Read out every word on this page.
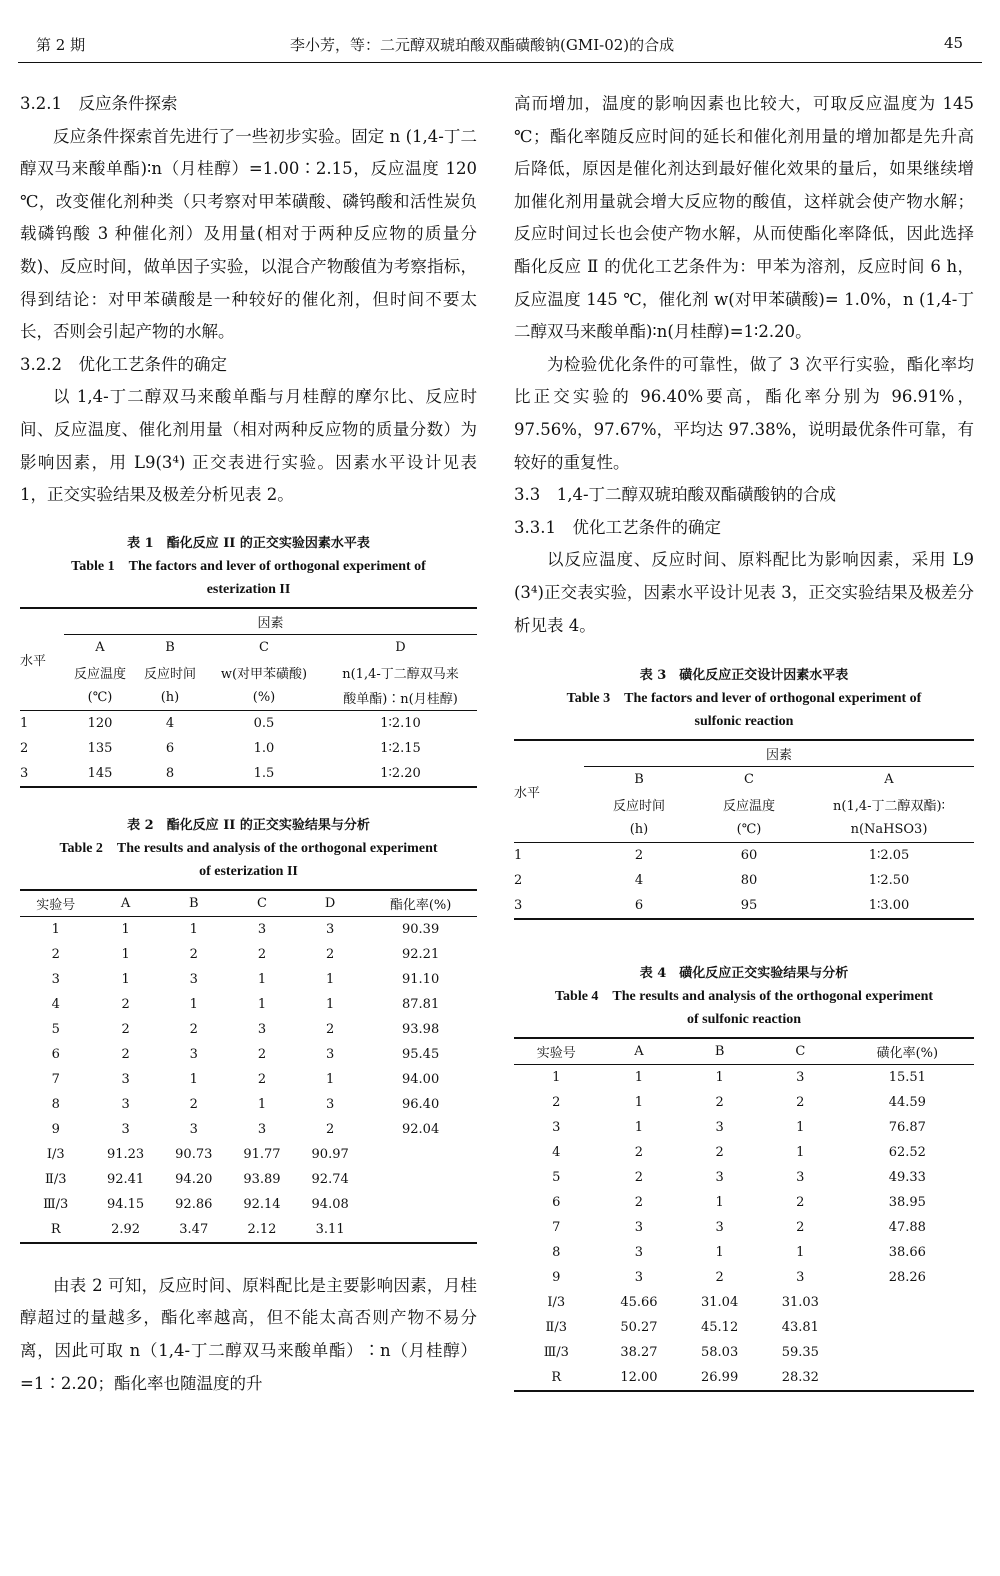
第 2 期	李小芳，等：二元醇双琥珀酸双酯磺酸钠(GMI-02)的合成	45
3.2.1　反应条件探索

反应条件探索首先进行了一些初步实验。固定 n (1,4-丁二醇双马来酸单酯)∶n（月桂醇）=1.00∶2.15，反应温度 120 ℃，改变催化剂种类（只考察对甲苯磺酸、磷钨酸和活性炭负载磷钨酸 3 种催化剂）及用量(相对于两种反应物的质量分数)、反应时间，做单因子实验，以混合产物酸值为考察指标，得到结论：对甲苯磺酸是一种较好的催化剂，但时间不要太长，否则会引起产物的水解。

3.2.2　优化工艺条件的确定

以 1,4-丁二醇双马来酸单酯与月桂醇的摩尔比、反应时间、反应温度、催化剂用量（相对两种反应物的质量分数）为影响因素，用 L9(3⁴) 正交表进行实验。因素水平设计见表 1，正交实验结果及极差分析见表 2。

表 1　酯化反应 II 的正交实验因素水平表

Table 1　The factors and lever of orthogonal experiment of

esterization II

水平	因素			
	A	B	C	D
	反应温度	反应时间	w(对甲苯磺酸)	n(1,4-丁二醇双马来
	(℃)	(h)	(%)	酸单酯)∶n(月桂醇)
1	120	4	0.5	1∶2.10
2	135	6	1.0	1∶2.15
3	145	8	1.5	1∶2.20

表 2　酯化反应 II 的正交实验结果与分析

Table 2　The results and analysis of the orthogonal experiment

of esterization II

实验号	A	B	C	D	酯化率(%)
1	1	1	3	3	90.39
2	1	2	2	2	92.21
3	1	3	1	1	91.10
4	2	1	1	1	87.81
5	2	2	3	2	93.98
6	2	3	2	3	95.45
7	3	1	2	1	94.00
8	3	2	1	3	96.40
9	3	3	3	2	92.04
Ⅰ/3	91.23	90.73	91.77	90.97	
Ⅱ/3	92.41	94.20	93.89	92.74	
Ⅲ/3	94.15	92.86	92.14	94.08	
R	2.92	3.47	2.12	3.11	

由表 2 可知，反应时间、原料配比是主要影响因素，月桂醇超过的量越多，酯化率越高，但不能太高否则产物不易分离，因此可取 n（1,4-丁二醇双马来酸单酯）∶n（月桂醇）=1∶2.20；酯化率也随温度的升

高而增加，温度的影响因素也比较大，可取反应温度为 145 ℃；酯化率随反应时间的延长和催化剂用量的增加都是先升高后降低，原因是催化剂达到最好催化效果的量后，如果继续增加催化剂用量就会增大反应物的酸值，这样就会使产物水解；反应时间过长也会使产物水解，从而使酯化率降低，因此选择酯化反应 Ⅱ 的优化工艺条件为：甲苯为溶剂，反应时间 6 h，反应温度 145 ℃，催化剂 w(对甲苯磺酸)= 1.0%，n (1,4-丁二醇双马来酸单酯)∶n(月桂醇)=1∶2.20。

为检验优化条件的可靠性，做了 3 次平行实验，酯化率均比正交实验的 96.40%要高，酯化率分别为 96.91%，97.56%，97.67%，平均达 97.38%，说明最优条件可靠，有较好的重复性。

3.3　1,4-丁二醇双琥珀酸双酯磺酸钠的合成
3.3.1　优化工艺条件的确定

以反应温度、反应时间、原料配比为影响因素，采用 L9 (3⁴)正交表实验，因素水平设计见表 3，正交实验结果及极差分析见表 4。

表 3　磺化反应正交设计因素水平表

Table 3　The factors and lever of orthogonal experiment of

sulfonic reaction

水平	因素		
	B	C	A
	反应时间	反应温度	n(1,4-丁二醇双酯)∶
	(h)	(℃)	n(NaHSO3)
1	2	60	1∶2.05
2	4	80	1∶2.50
3	6	95	1∶3.00

表 4　磺化反应正交实验结果与分析

Table 4　The results and analysis of the orthogonal experiment

of sulfonic reaction

实验号	A	B	C	磺化率(%)
1	1	1	3	15.51
2	1	2	2	44.59
3	1	3	1	76.87
4	2	2	1	62.52
5	2	3	3	49.33
6	2	1	2	38.95
7	3	3	2	47.88
8	3	1	1	38.66
9	3	2	3	28.26
Ⅰ/3	45.66	31.04	31.03	
Ⅱ/3	50.27	45.12	43.81	
Ⅲ/3	38.27	58.03	59.35	
R	12.00	26.99	28.32	
